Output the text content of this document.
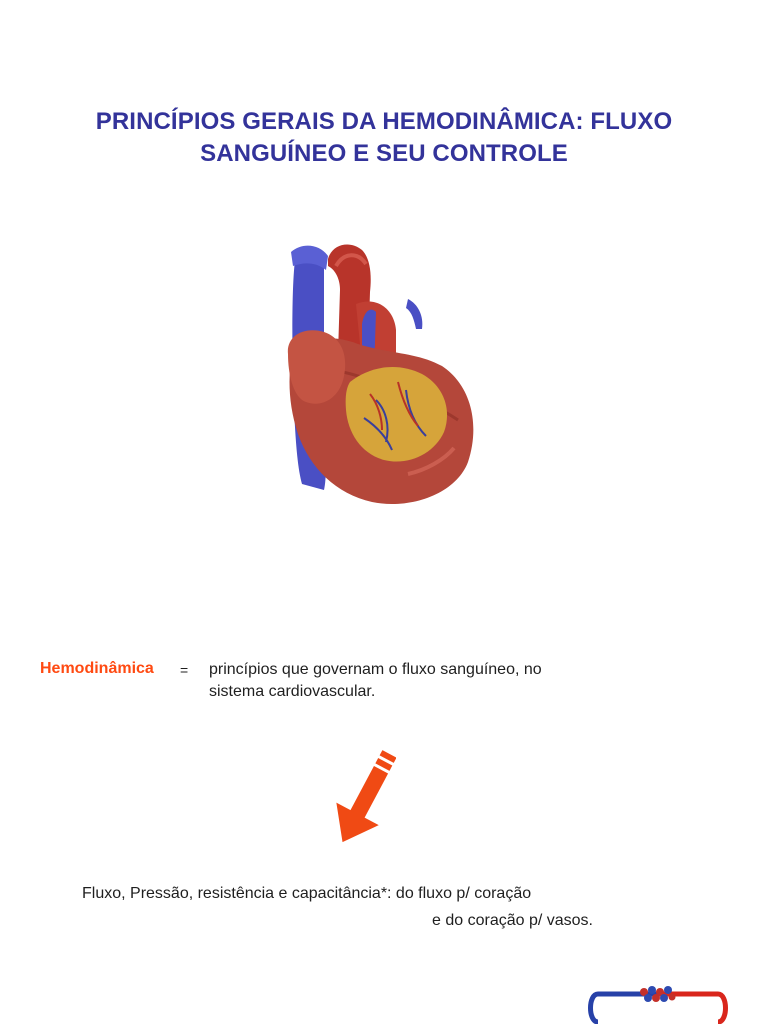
PRINCÍPIOS GERAIS DA HEMODINÂMICA: FLUXO
SANGUÍNEO E SEU CONTROLE
Hemodinâmica = princípios que governam o fluxo sanguíneo, no
sistema cardiovascular.
Fluxo, Pressão, resistência e capacitância*: do fluxo p/ coração
e do coração p/ vasos.
